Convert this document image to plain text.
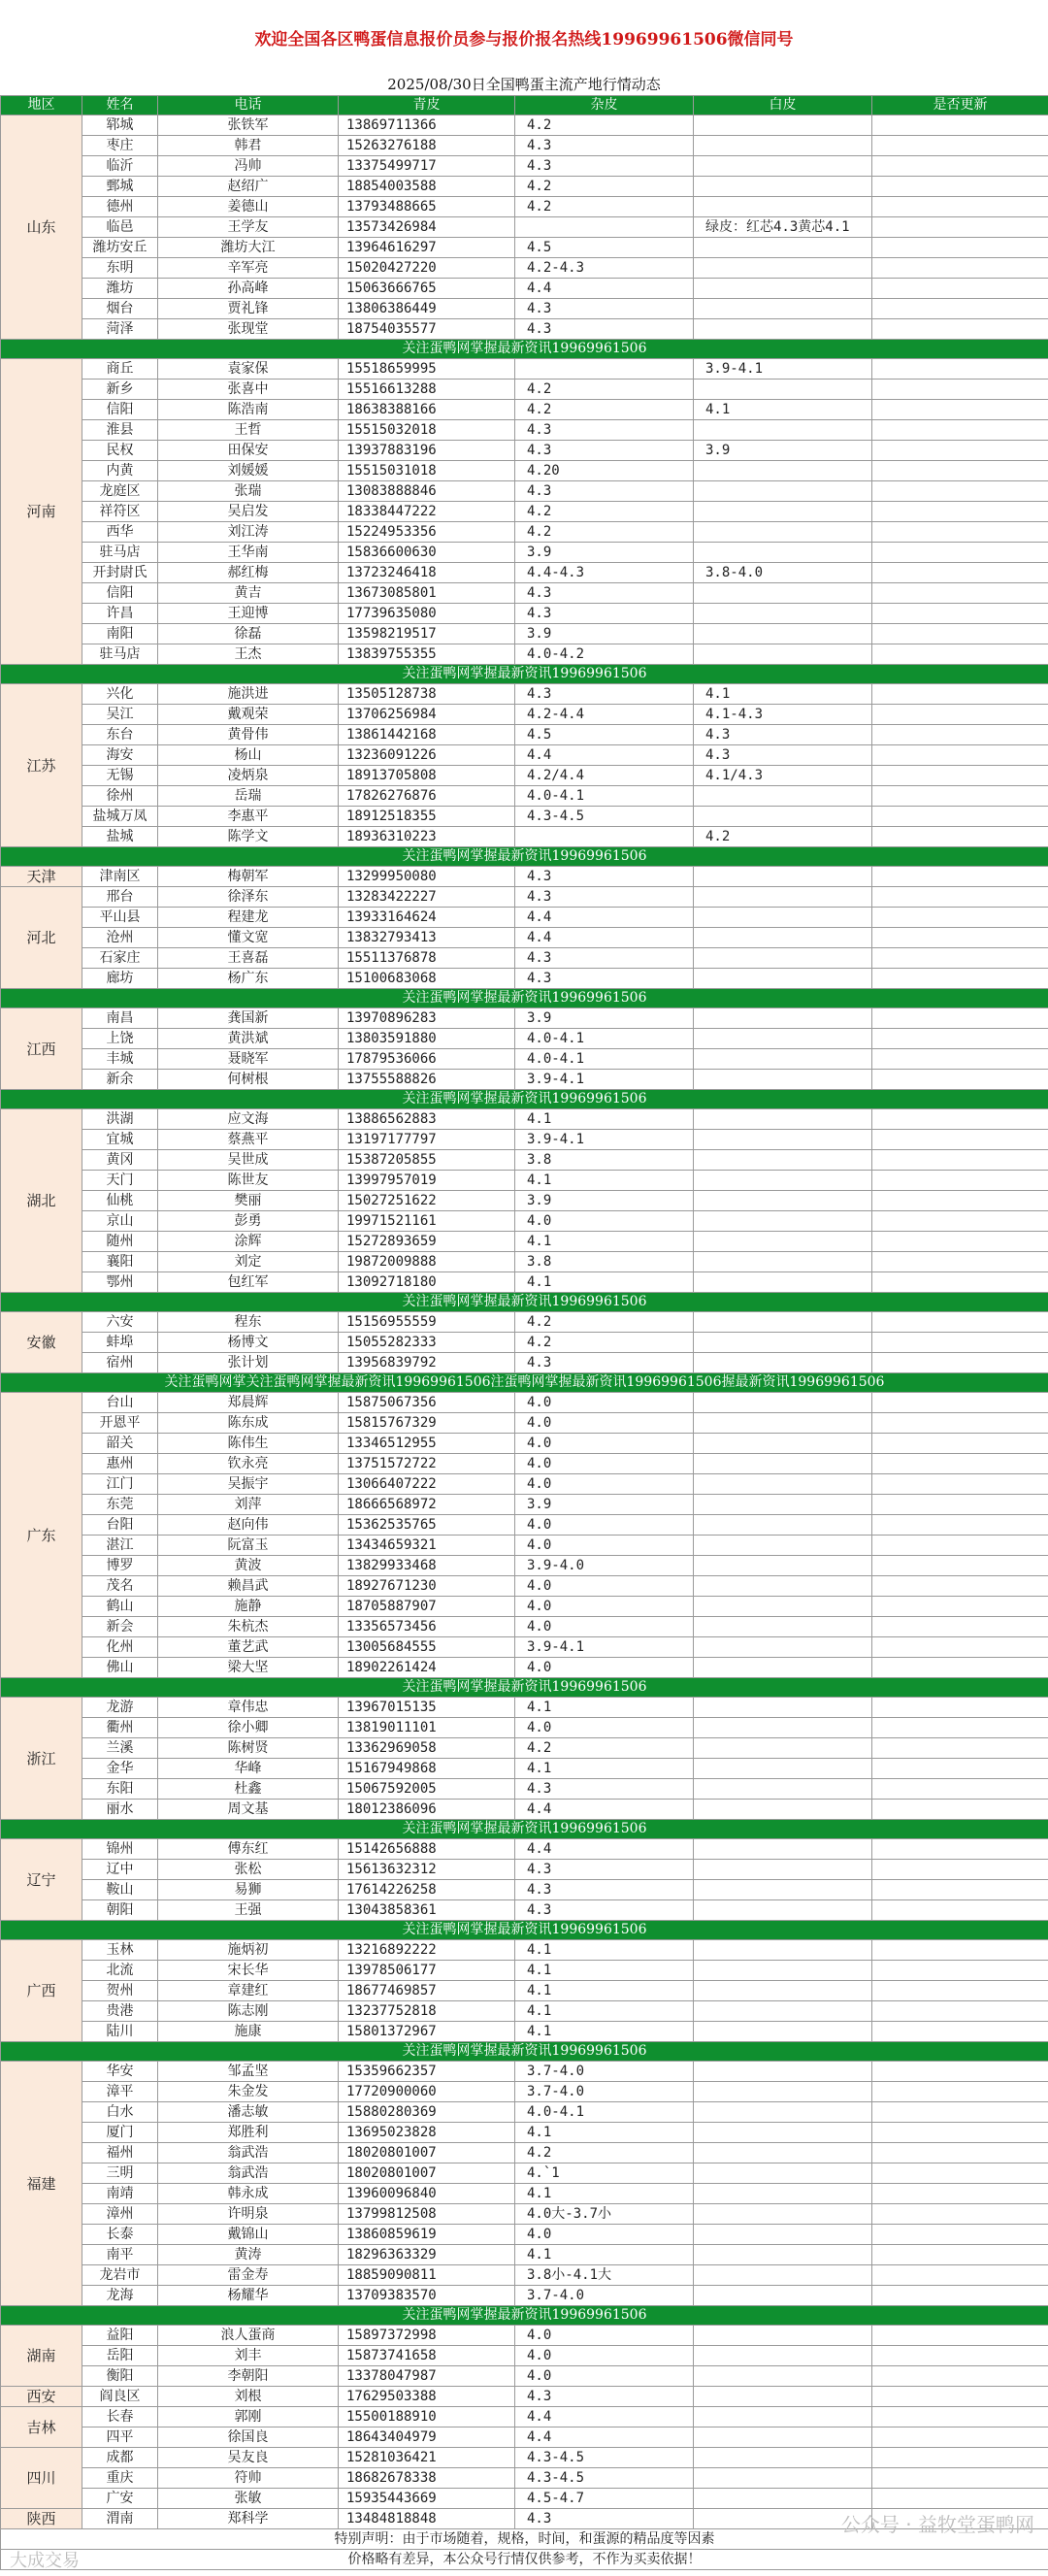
欢迎全国各区鸭蛋信息报价员参与报价报名热线19969961506微信同号
2025/08/30日全国鸭蛋主流产地行情动态
地区	姓名	电话	青皮	杂皮	白皮	是否更新	
山东	郓城	张铁军	13869711366	4.2			
	枣庄	韩君	15263276188	4.3			
	临沂	冯帅	13375499717	4.3			
	鄄城	赵绍广	18854003588	4.2			
	德州	姜德山	13793488665	4.2			
	临邑	王学友	13573426984		绿皮：红芯4.3黄芯4.1		
	潍坊安丘	潍坊大江	13964616297	4.5			
	东明	辛军亮	15020427220	4.2-4.3			
	潍坊	孙高峰	15063666765	4.4			
	烟台	贾礼锋	13806386449	4.3			
	菏泽	张现堂	18754035577	4.3			
关注蛋鸭网掌握最新资讯19969961506							
河南	商丘	袁家保	15518659995		3.9-4.1		
	新乡	张喜中	15516613288	4.2			
	信阳	陈浩南	18638388166	4.2	4.1		
	淮县	王哲	15515032018	4.3			
	民权	田保安	13937883196	4.3	3.9		
	内黄	刘媛媛	15515031018	4.20			
	龙庭区	张瑞	13083888846	4.3			
	祥符区	吴启发	18338447222	4.2			
	西华	刘江涛	15224953356	4.2			
	驻马店	王华南	15836600630	3.9			
	开封尉氏	郝红梅	13723246418	4.4-4.3	3.8-4.0		
	信阳	黄吉	13673085801	4.3			
	许昌	王迎博	17739635080	4.3			
	南阳	徐磊	13598219517	3.9			
	驻马店	王杰	13839755355	4.0-4.2			
关注蛋鸭网掌握最新资讯19969961506							
江苏	兴化	施洪进	13505128738	4.3	4.1		
	吴江	戴观荣	13706256984	4.2-4.4	4.1-4.3		
	东台	黄骨伟	13861442168	4.5	4.3		
	海安	杨山	13236091226	4.4	4.3		
	无锡	凌炳泉	18913705808	4.2/4.4	4.1/4.3		
	徐州	岳瑞	17826276876	4.0-4.1			
	盐城万凤	李惠平	18912518355	4.3-4.5			
	盐城	陈学文	18936310223		4.2		
关注蛋鸭网掌握最新资讯19969961506							
天津	津南区	梅朝军	13299950080	4.3			
河北	邢台	徐泽东	13283422227	4.3			
	平山县	程建龙	13933164624	4.4			
	沧州	懂文宽	13832793413	4.4			
	石家庄	王喜磊	15511376878	4.3			
	廊坊	杨广东	15100683068	4.3			
关注蛋鸭网掌握最新资讯19969961506							
江西	南昌	龚国新	13970896283	3.9			
	上饶	黄洪斌	13803591880	4.0-4.1			
	丰城	聂晓军	17879536066	4.0-4.1			
	新余	何树根	13755588826	3.9-4.1			
关注蛋鸭网掌握最新资讯19969961506							
湖北	洪湖	应文海	13886562883	4.1			
	宜城	蔡燕平	13197177797	3.9-4.1			
	黄冈	吴世成	15387205855	3.8			
	天门	陈世友	13997957019	4.1			
	仙桃	樊丽	15027251622	3.9			
	京山	彭勇	19971521161	4.0			
	随州	涂辉	15272893659	4.1			
	襄阳	刘定	19872009888	3.8			
	鄂州	包红军	13092718180	4.1			
关注蛋鸭网掌握最新资讯19969961506							
安徽	六安	程东	15156955559	4.2			
	蚌埠	杨博文	15055282333	4.2			
	宿州	张计划	13956839792	4.3			
关注蛋鸭网掌关注蛋鸭网掌握最新资讯19969961506注蛋鸭网掌握最新资讯19969961506握最新资讯19969961506							
广东	台山	郑晨辉	15875067356	4.0			
	开恩平	陈东成	15815767329	4.0			
	韶关	陈伟生	13346512955	4.0			
	惠州	钦永亮	13751572722	4.0			
	江门	吴振宇	13066407222	4.0			
	东莞	刘萍	18666568972	3.9			
	台阳	赵向伟	15362535765	4.0			
	湛江	阮富玉	13434659321	4.0			
	博罗	黄波	13829933468	3.9-4.0			
	茂名	赖昌武	18927671230	4.0			
	鹤山	施静	18705887907	4.0			
	新会	朱杭杰	13356573456	4.0			
	化州	董艺武	13005684555	3.9-4.1			
	佛山	梁大坚	18902261424	4.0			
关注蛋鸭网掌握最新资讯19969961506							
浙江	龙游	章伟忠	13967015135	4.1			
	衢州	徐小卿	13819011101	4.0			
	兰溪	陈树贤	13362969058	4.2			
	金华	华峰	15167949868	4.1			
	东阳	杜鑫	15067592005	4.3			
	丽水	周文基	18012386096	4.4			
关注蛋鸭网掌握最新资讯19969961506							
辽宁	锦州	傅东红	15142656888	4.4			
	辽中	张松	15613632312	4.3			
	鞍山	易狮	17614226258	4.3			
	朝阳	王强	13043858361	4.3			
关注蛋鸭网掌握最新资讯19969961506							
广西	玉林	施炳初	13216892222	4.1			
	北流	宋长华	13978506177	4.1			
	贺州	章建红	18677469857	4.1			
	贵港	陈志刚	13237752818	4.1			
	陆川	施康	15801372967	4.1			
关注蛋鸭网掌握最新资讯19969961506							
福建	华安	邹孟坚	15359662357	3.7-4.0			
	漳平	朱金发	17720900060	3.7-4.0			
	白水	潘志敏	15880280369	4.0-4.1			
	厦门	郑胜利	13695023828	4.1			
	福州	翁武浩	18020801007	4.2			
	三明	翁武浩	18020801007	4.`1			
	南靖	韩永成	13960096840	4.1			
	漳州	许明泉	13799812508	4.0大-3.7小			
	长泰	戴锦山	13860859619	4.0			
	南平	黄涛	18296363329	4.1			
	龙岩市	雷金寿	18859090811	3.8小-4.1大			
	龙海	杨耀华	13709383570	3.7-4.0			
关注蛋鸭网掌握最新资讯19969961506							
湖南	益阳	浪人蛋商	15897372998	4.0			
	岳阳	刘丰	15873741658	4.0			
	衡阳	李朝阳	13378047987	4.0			
西安	阎良区	刘根	17629503388	4.3			
吉林	长春	郭刚	15500188910	4.4			
	四平	徐国良	18643404979	4.4			
四川	成都	吴友良	15281036421	4.3-4.5			
	重庆	符帅	18682678338	4.3-4.5			
	广安	张敏	15935443669	4.5-4.7			
陕西	渭南	郑科学	13484818848	4.3			
特别声明：由于市场随着，规格，时间，和蛋源的精品度等因素							
价格略有差异，本公众号行情仅供参考，不作为买卖依据！							
公众号 · 益牧堂蛋鸭网
大成交易
